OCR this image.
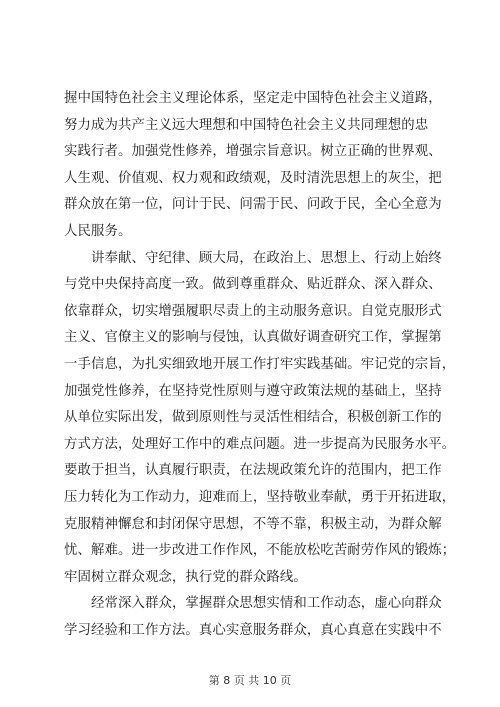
握中国特色社会主义理论体系，坚定走中国特色社会主义道路，
努力成为共产主义远大理想和中国特色社会主义共同理想的忠
实践行者。加强党性修养，增强宗旨意识。树立正确的世界观、
人生观、价值观、权力观和政绩观，及时清洗思想上的灰尘，把
群众放在第一位，问计于民、问需于民、问政于民，全心全意为
人民服务。
讲奉献、守纪律、顾大局，在政治上、思想上、行动上始终
与党中央保持高度一致。做到尊重群众、贴近群众、深入群众、
依靠群众，切实增强履职尽责上的主动服务意识。自觉克服形式
主义、官僚主义的影响与侵蚀，认真做好调查研究工作，掌握第
一手信息，为扎实细致地开展工作打牢实践基础。牢记党的宗旨，
加强党性修养，在坚持党性原则与遵守政策法规的基础上，坚持
从单位实际出发，做到原则性与灵活性相结合，积极创新工作的
方式方法，处理好工作中的难点问题。进一步提高为民服务水平。
要敢于担当，认真履行职责，在法规政策允许的范围内，把工作
压力转化为工作动力，迎难而上，坚持敬业奉献，勇于开拓进取，
克服精神懈怠和封闭保守思想，不等不靠，积极主动，为群众解
忧、解难。进一步改进工作作风，不能放松吃苦耐劳作风的锻炼；
牢固树立群众观念，执行党的群众路线。
经常深入群众，掌握群众思想实情和工作动态，虚心向群众
学习经验和工作方法。真心实意服务群众，真心真意在实践中不
第 8 页 共 10 页
